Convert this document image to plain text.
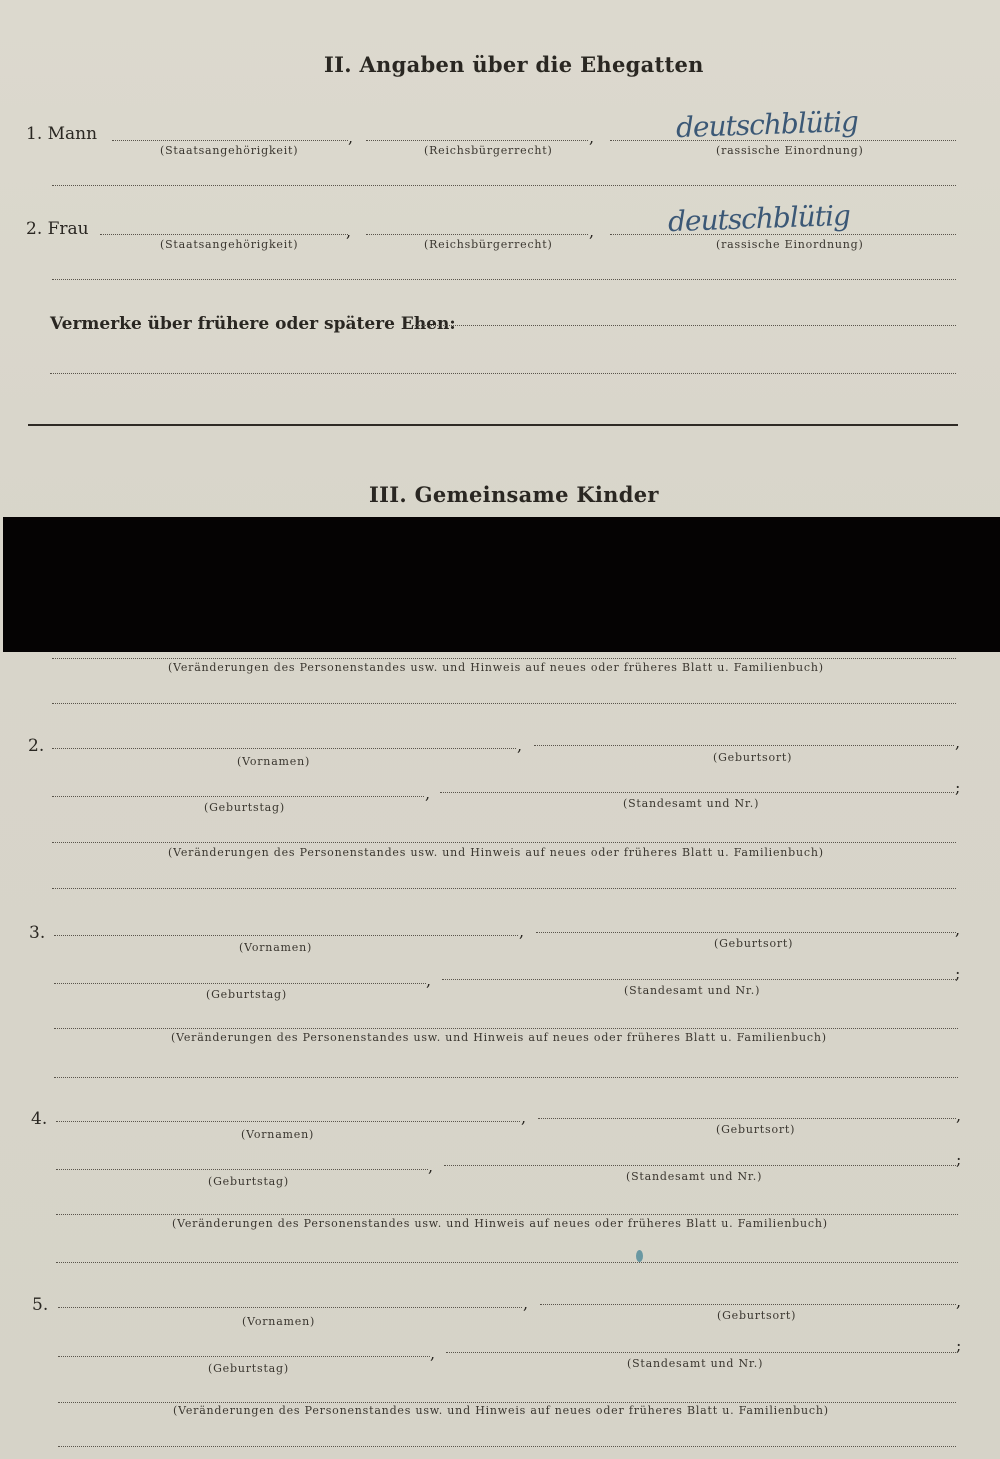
II. Angaben über die Ehegatten
1. Mann	,	,	deutschblütig
(Staatsangehörigkeit)	(Reichsbürgerrecht)	(rassische Einordnung)
2. Frau	,	,	deutschblütig
(Staatsangehörigkeit)	(Reichsbürgerrecht)	(rassische Einordnung)
Vermerke über frühere oder spätere Ehen:
III. Gemeinsame Kinder
(Veränderungen des Personenstandes usw. und Hinweis auf neues oder früheres Blatt u. Familienbuch)
2.	,	,
(Vornamen)	(Geburtsort)
,	;
(Geburtstag)	(Standesamt und Nr.)
(Veränderungen des Personenstandes usw. und Hinweis auf neues oder früheres Blatt u. Familienbuch)
3.	,	,
(Vornamen)	(Geburtsort)
,	;
(Geburtstag)	(Standesamt und Nr.)
(Veränderungen des Personenstandes usw. und Hinweis auf neues oder früheres Blatt u. Familienbuch)
4.	,	,
(Vornamen)	(Geburtsort)
,	;
(Geburtstag)	(Standesamt und Nr.)
(Veränderungen des Personenstandes usw. und Hinweis auf neues oder früheres Blatt u. Familienbuch)
5.	,	,
(Vornamen)	(Geburtsort)
,	;
(Geburtstag)	(Standesamt und Nr.)
(Veränderungen des Personenstandes usw. und Hinweis auf neues oder früheres Blatt u. Familienbuch)
